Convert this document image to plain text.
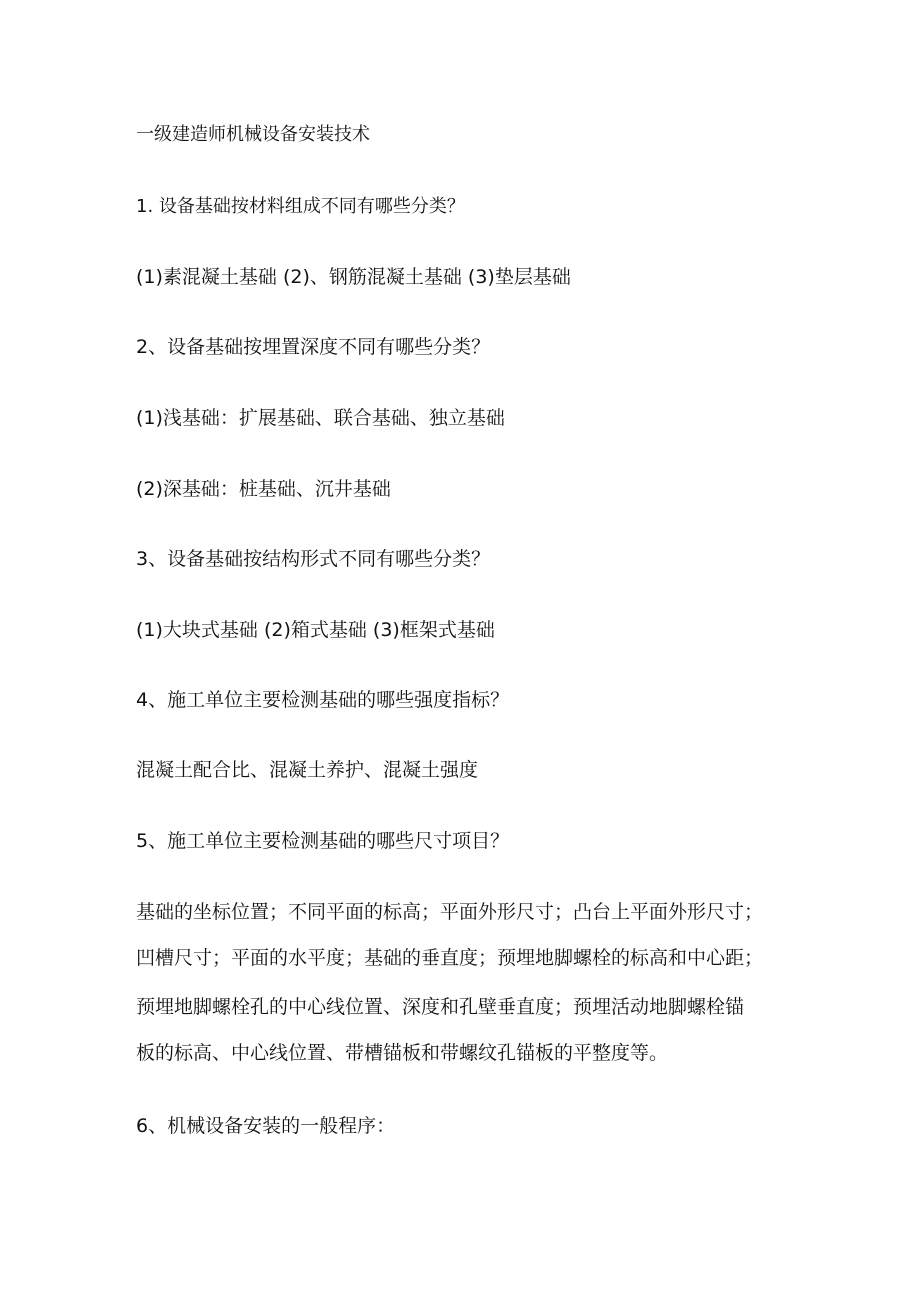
一级建造师机械设备安装技术

1. 设备基础按材料组成不同有哪些分类？

(1)素混凝土基础 (2)、钢筋混凝土基础 (3)垫层基础

2、设备基础按埋置深度不同有哪些分类？

(1)浅基础：扩展基础、联合基础、独立基础

(2)深基础：桩基础、沉井基础

3、设备基础按结构形式不同有哪些分类？

(1)大块式基础 (2)箱式基础 (3)框架式基础

4、施工单位主要检测基础的哪些强度指标？

混凝土配合比、混凝土养护、混凝土强度

5、施工单位主要检测基础的哪些尺寸项目？

基础的坐标位置；不同平面的标高；平面外形尺寸；凸台上平面外形尺寸；

凹槽尺寸；平面的水平度；基础的垂直度；预埋地脚螺栓的标高和中心距；

预埋地脚螺栓孔的中心线位置、深度和孔壁垂直度；预埋活动地脚螺栓锚

板的标高、中心线位置、带槽锚板和带螺纹孔锚板的平整度等。

6、机械设备安装的一般程序：
